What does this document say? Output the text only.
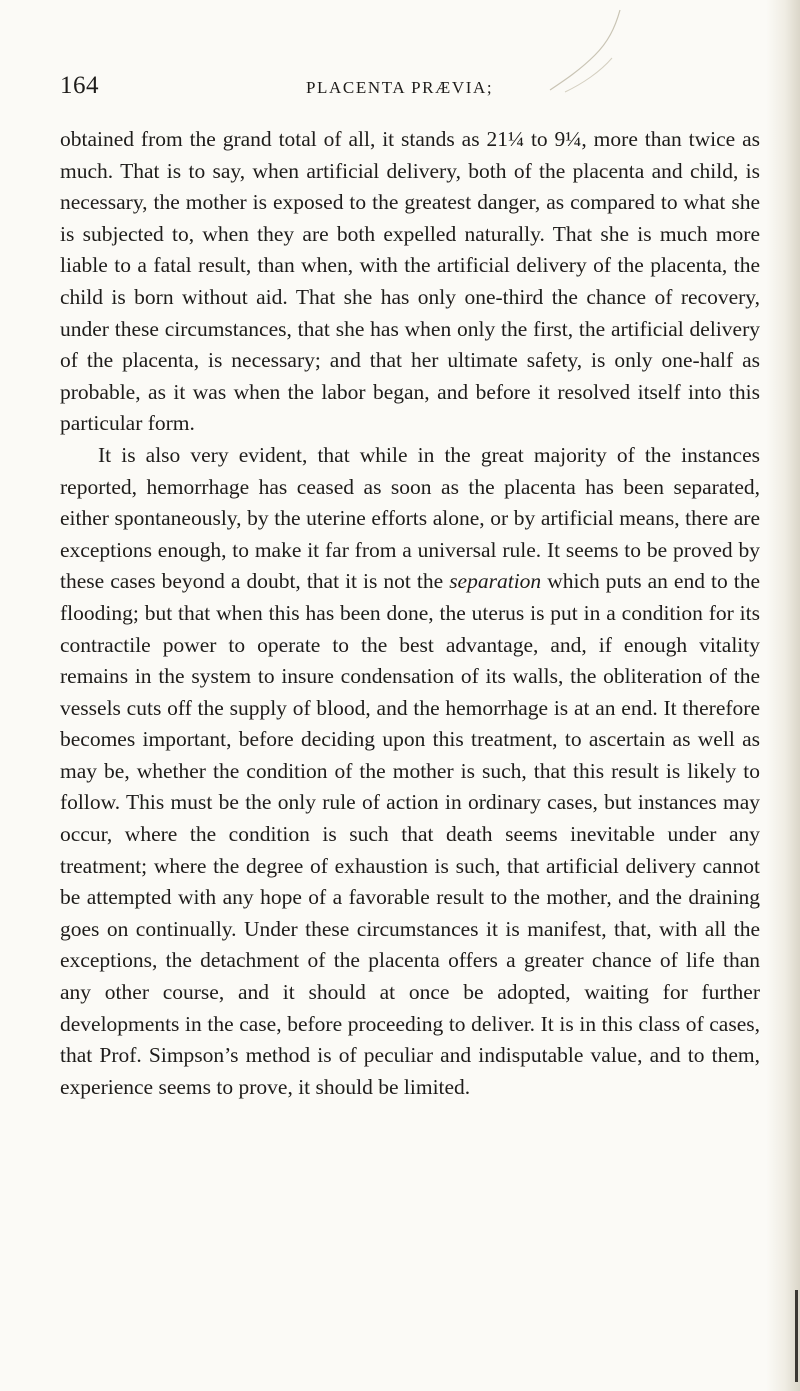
164	PLACENTA PRÆVIA;

obtained from the grand total of all, it stands as 21¼ to 9¼, more than twice as much. That is to say, when artificial delivery, both of the placenta and child, is necessary, the mother is exposed to the greatest danger, as compared to what she is subjected to, when they are both expelled naturally. That she is much more liable to a fatal result, than when, with the artificial delivery of the placenta, the child is born without aid. That she has only one-third the chance of recovery, under these circumstances, that she has when only the first, the artificial delivery of the placenta, is necessary; and that her ultimate safety, is only one-half as probable, as it was when the labor began, and before it resolved itself into this particular form.

It is also very evident, that while in the great majority of the instances reported, hemorrhage has ceased as soon as the placenta has been separated, either spontaneously, by the uterine efforts alone, or by artificial means, there are exceptions enough, to make it far from a universal rule. It seems to be proved by these cases beyond a doubt, that it is not the separation which puts an end to the flooding; but that when this has been done, the uterus is put in a condition for its contractile power to operate to the best advantage, and, if enough vitality remains in the system to insure condensation of its walls, the obliteration of the vessels cuts off the supply of blood, and the hemorrhage is at an end. It therefore becomes important, before deciding upon this treatment, to ascertain as well as may be, whether the condition of the mother is such, that this result is likely to follow. This must be the only rule of action in ordinary cases, but instances may occur, where the condition is such that death seems inevitable under any treatment; where the degree of exhaustion is such, that artificial delivery cannot be attempted with any hope of a favorable result to the mother, and the draining goes on continually. Under these circumstances it is manifest, that, with all the exceptions, the detachment of the placenta offers a greater chance of life than any other course, and it should at once be adopted, waiting for further developments in the case, before proceeding to deliver. It is in this class of cases, that Prof. Simpson’s method is of peculiar and indisputable value, and to them, experience seems to prove, it should be limited.
